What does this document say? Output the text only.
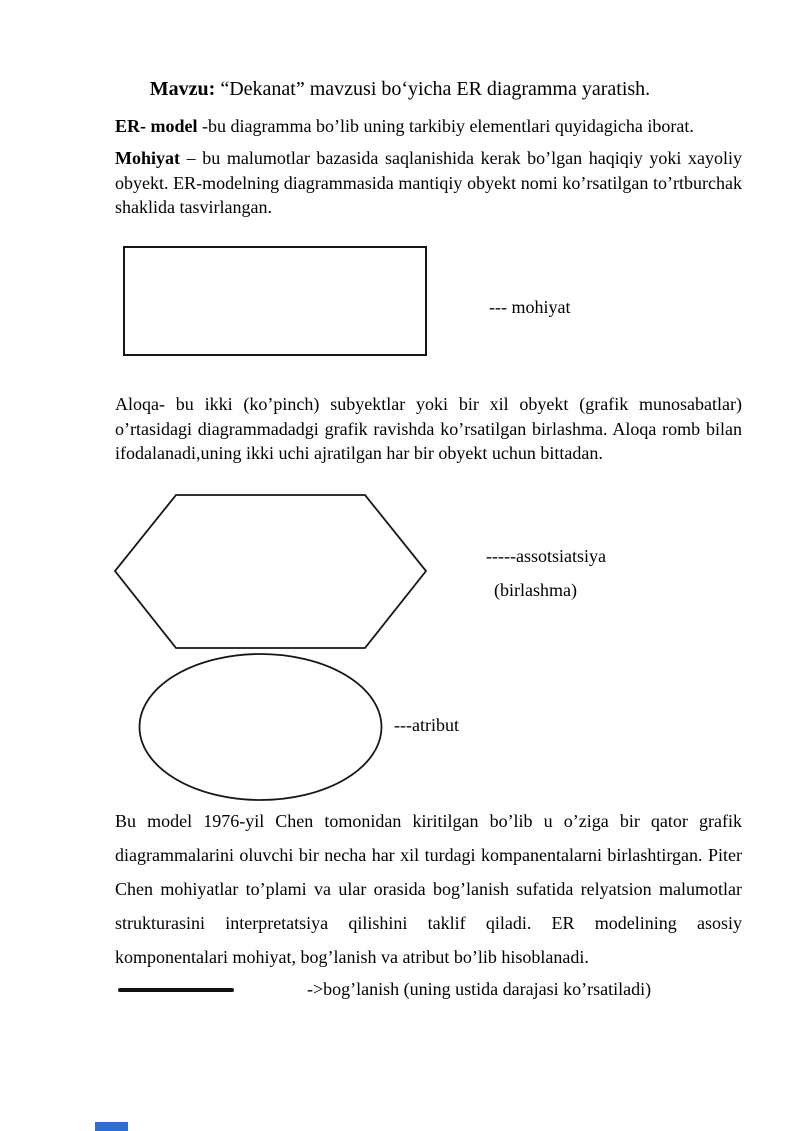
Mavzu: “Dekanat” mavzusi bo‘yicha ER diagramma yaratish.
ER- model -bu diagramma bo’lib uning tarkibiy elementlari quyidagicha iborat.
Mohiyat – bu malumotlar bazasida saqlanishida kerak bo’lgan haqiqiy yoki xayoliy obyekt. ER-modelning diagrammasida mantiqiy obyekt nomi ko’rsatilgan to’rtburchak shaklida tasvirlangan.
--- mohiyat
Aloqa- bu ikki (ko’pinch) subyektlar yoki bir xil obyekt (grafik munosabatlar) o’rtasidagi diagrammadadgi grafik ravishda ko’rsatilgan birlashma. Aloqa romb bilan ifodalanadi,uning ikki uchi ajratilgan har bir obyekt uchun bittadan.
-----assotsiatsiya
(birlashma)
---atribut
Bu model 1976-yil Chen tomonidan kiritilgan bo’lib u o’ziga bir qator grafik diagrammalarini oluvchi bir necha har xil turdagi kompanentalarni birlashtirgan. Piter Chen mohiyatlar to’plami va ular orasida bog’lanish sufatida relyatsion malumotlar strukturasini interpretatsiya qilishini taklif qiladi. ER modelining asosiy komponentalari mohiyat, bog’lanish va atribut bo’lib hisoblanadi.
->bog’lanish (uning ustida darajasi ko’rsatiladi)
